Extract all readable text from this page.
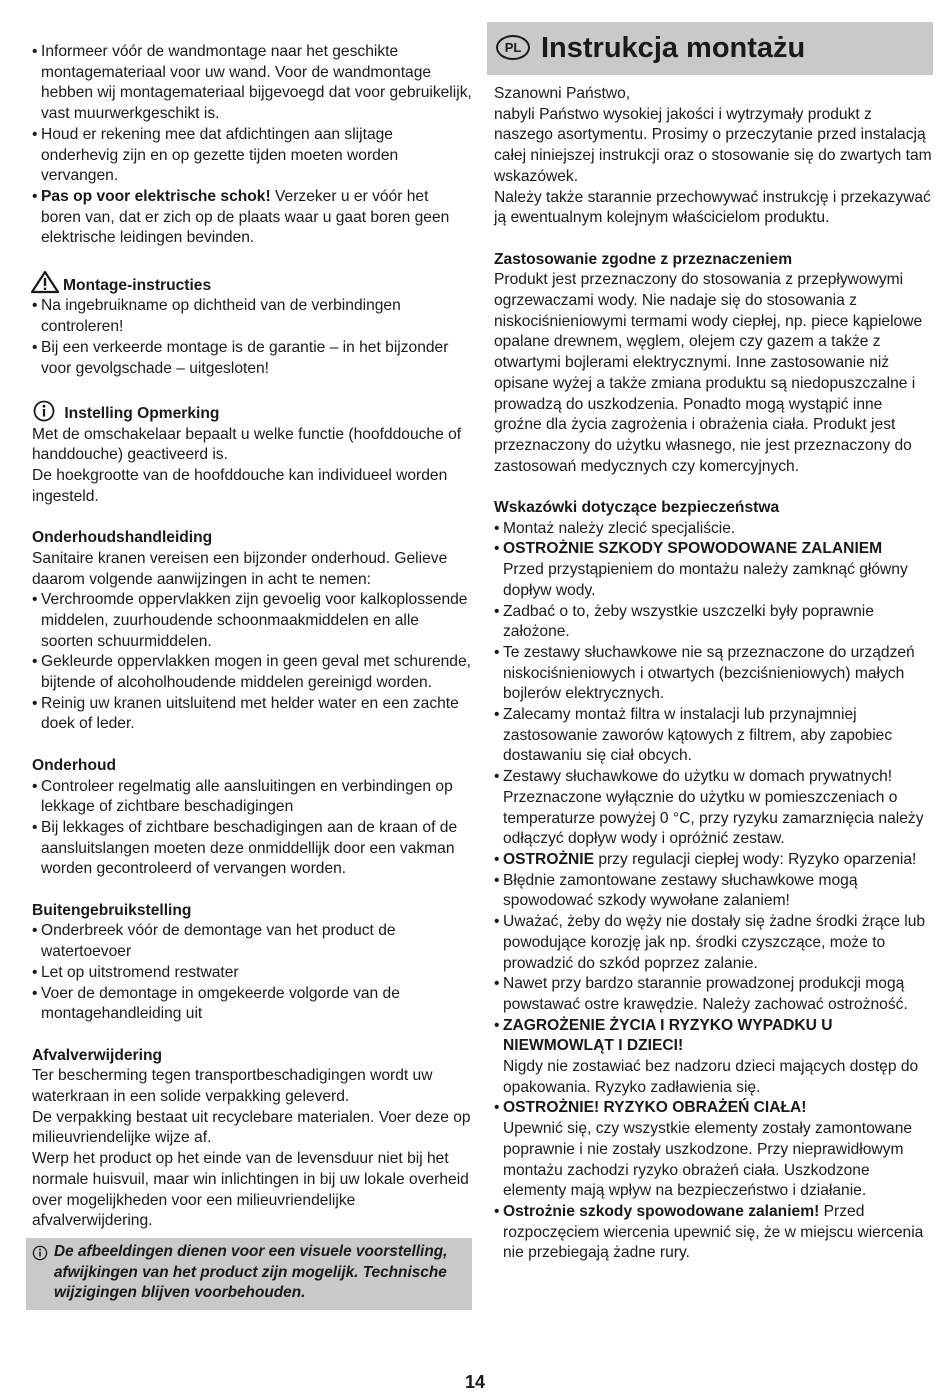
• Informeer vóór de wandmontage naar het geschikte montagemateriaal voor uw wand. Voor de wandmontage hebben wij montagemateriaal bijgevoegd dat voor gebruikelijk, vast muurwerkgeschikt is.

• Houd er rekening mee dat afdichtingen aan slijtage onderhevig zijn en op gezette tijden moeten worden vervangen.

• Pas op voor elektrische schok! Verzeker u er vóór het boren van, dat er zich op de plaats waar u gaat boren geen elektrische leidingen bevinden.

Montage-instructies

• Na ingebruikname op dichtheid van de verbindingen controleren!

• Bij een verkeerde montage is de garantie – in het bijzonder voor gevolgschade – uitgesloten!

Instelling Opmerking

Met de omschakelaar bepaalt u welke functie (hoofddouche of handdouche) geactiveerd is.

De hoekgrootte van de hoofddouche kan individueel worden ingesteld.

Onderhoudshandleiding

Sanitaire kranen vereisen een bijzonder onderhoud. Gelieve daarom volgende aanwijzingen in acht te nemen:

• Verchroomde oppervlakken zijn gevoelig voor kalkoplossende middelen, zuurhoudende schoonmaakmiddelen en alle soorten schuurmiddelen.

• Gekleurde oppervlakken mogen in geen geval met schurende, bijtende of alcoholhoudende middelen gereinigd worden.

• Reinig uw kranen uitsluitend met helder water en een zachte doek of leder.

Onderhoud

• Controleer regelmatig alle aansluitingen en verbindingen op lekkage of zichtbare beschadigingen

• Bij lekkages of zichtbare beschadigingen aan de kraan of de aansluitslangen moeten deze onmiddellijk door een vakman worden gecontroleerd of vervangen worden.

Buitengebruikstelling

• Onderbreek vóór de demontage van het product de watertoevoer

• Let op uitstromend restwater

• Voer de demontage in omgekeerde volgorde van de montagehandleiding uit

Afvalverwijdering

Ter bescherming tegen transportbeschadigingen wordt uw waterkraan in een solide verpakking geleverd.

De verpakking bestaat uit recyclebare materialen. Voer deze op milieuvriendelijke wijze af.

Werp het product op het einde van de levensduur niet bij het normale huisvuil, maar win inlichtingen in bij uw lokale overheid over mogelijkheden voor een milieuvriendelijke afvalverwijdering.

De afbeeldingen dienen voor een visuele voorstelling, afwijkingen van het product zijn mogelijk. Technische wijzigingen blijven voorbehouden.
PL Instrukcja montażu

Szanowni Państwo,

nabyli Państwo wysokiej jakości i wytrzymały produkt z naszego asortymentu. Prosimy o przeczytanie przed instalacją całej niniejszej instrukcji oraz o stosowanie się do zwartych tam wskazówek.

Należy także starannie przechowywać instrukcję i przekazywać ją ewentualnym kolejnym właścicielom produktu.

Zastosowanie zgodne z przeznaczeniem

Produkt jest przeznaczony do stosowania z przepływowymi ogrzewaczami wody. Nie nadaje się do stosowania z niskociśnieniowymi termami wody ciepłej, np. piece kąpielowe opalane drewnem, węglem, olejem czy gazem a także z otwartymi bojlerami elektrycznymi. Inne zastosowanie niż opisane wyżej a także zmiana produktu są niedopuszczalne i prowadzą do uszkodzenia. Ponadto mogą wystąpić inne groźne dla życia zagrożenia i obrażenia ciała. Produkt jest przeznaczony do użytku własnego, nie jest przeznaczony do zastosowań medycznych czy komercyjnych.

Wskazówki dotyczące bezpieczeństwa

• Montaż należy zlecić specjaliście.

• OSTROŻNIE SZKODY SPOWODOWANE ZALANIEM
Przed przystąpieniem do montażu należy zamknąć główny dopływ wody.

• Zadbać o to, żeby wszystkie uszczelki były poprawnie założone.

• Te zestawy słuchawkowe nie są przeznaczone do urządzeń niskociśnieniowych i otwartych (bezciśnieniowych) małych bojlerów elektrycznych.

• Zalecamy montaż filtra w instalacji lub przynajmniej zastosowanie zaworów kątowych z filtrem, aby zapobiec dostawaniu się ciał obcych.

• Zestawy słuchawkowe do użytku w domach prywatnych!
Przeznaczone wyłącznie do użytku w pomieszczeniach o temperaturze powyżej 0 °C, przy ryzyku zamarznięcia należy odłączyć dopływ wody i opróżnić zestaw.

• OSTROŻNIE przy regulacji ciepłej wody: Ryzyko oparzenia!

• Błędnie zamontowane zestawy słuchawkowe mogą spowodować szkody wywołane zalaniem!

• Uważać, żeby do węży nie dostały się żadne środki żrące lub powodujące korozję jak np. środki czyszczące, może to prowadzić do szkód poprzez zalanie.

• Nawet przy bardzo starannie prowadzonej produkcji mogą powstawać ostre krawędzie. Należy zachować ostrożność.

• ZAGROŻENIE ŻYCIA I RYZYKO WYPADKU U NIEWMOWLĄT I DZIECI!
Nigdy nie zostawiać bez nadzoru dzieci mających dostęp do opakowania. Ryzyko zadławienia się.

• OSTROŻNIE! RYZYKO OBRAŻEŃ CIAŁA!
Upewnić się, czy wszystkie elementy zostały zamontowane poprawnie i nie zostały uszkodzone. Przy nieprawidłowym montażu zachodzi ryzyko obrażeń ciała. Uszkodzone elementy mają wpływ na bezpieczeństwo i działanie.

• Ostrożnie szkody spowodowane zalaniem! Przed rozpoczęciem wiercenia upewnić się, że w miejscu wiercenia nie przebiegają żadne rury.

14
